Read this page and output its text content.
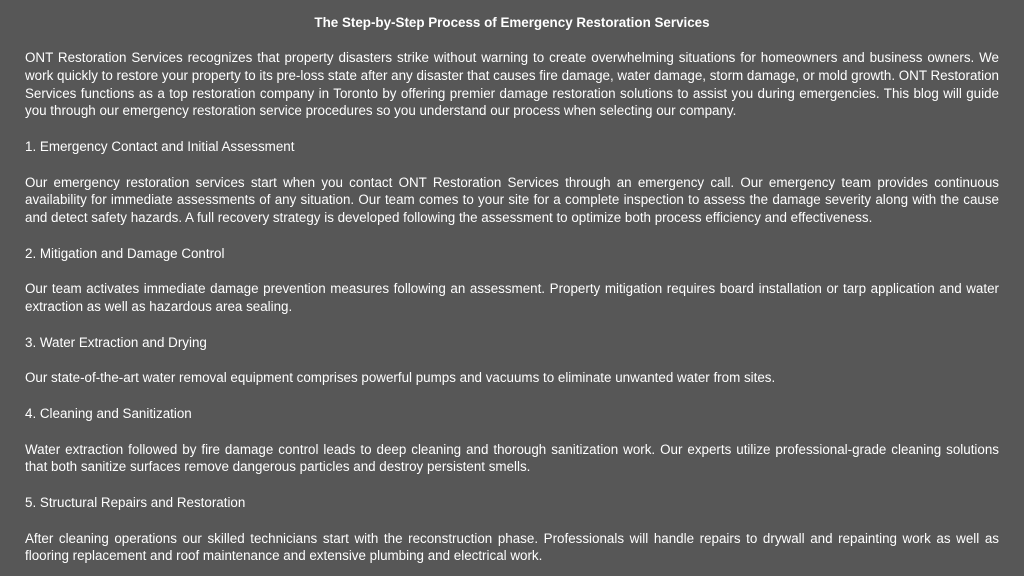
The Step-by-Step Process of Emergency Restoration Services
ONT Restoration Services recognizes that property disasters strike without warning to create overwhelming situations for homeowners and business owners. We work quickly to restore your property to its pre-loss state after any disaster that causes fire damage, water damage, storm damage, or mold growth. ONT Restoration Services functions as a top restoration company in Toronto by offering premier damage restoration solutions to assist you during emergencies. This blog will guide you through our emergency restoration service procedures so you understand our process when selecting our company.
1. Emergency Contact and Initial Assessment
Our emergency restoration services start when you contact ONT Restoration Services through an emergency call. Our emergency team provides continuous availability for immediate assessments of any situation. Our team comes to your site for a complete inspection to assess the damage severity along with the cause and detect safety hazards. A full recovery strategy is developed following the assessment to optimize both process efficiency and effectiveness.
2. Mitigation and Damage Control
Our team activates immediate damage prevention measures following an assessment. Property mitigation requires board installation or tarp application and water extraction as well as hazardous area sealing.
3. Water Extraction and Drying
Our state-of-the-art water removal equipment comprises powerful pumps and vacuums to eliminate unwanted water from sites.
4. Cleaning and Sanitization
Water extraction followed by fire damage control leads to deep cleaning and thorough sanitization work. Our experts utilize professional-grade cleaning solutions that both sanitize surfaces remove dangerous particles and destroy persistent smells.
5. Structural Repairs and Restoration
After cleaning operations our skilled technicians start with the reconstruction phase. Professionals will handle repairs to drywall and repainting work as well as flooring replacement and roof maintenance and extensive plumbing and electrical work.
